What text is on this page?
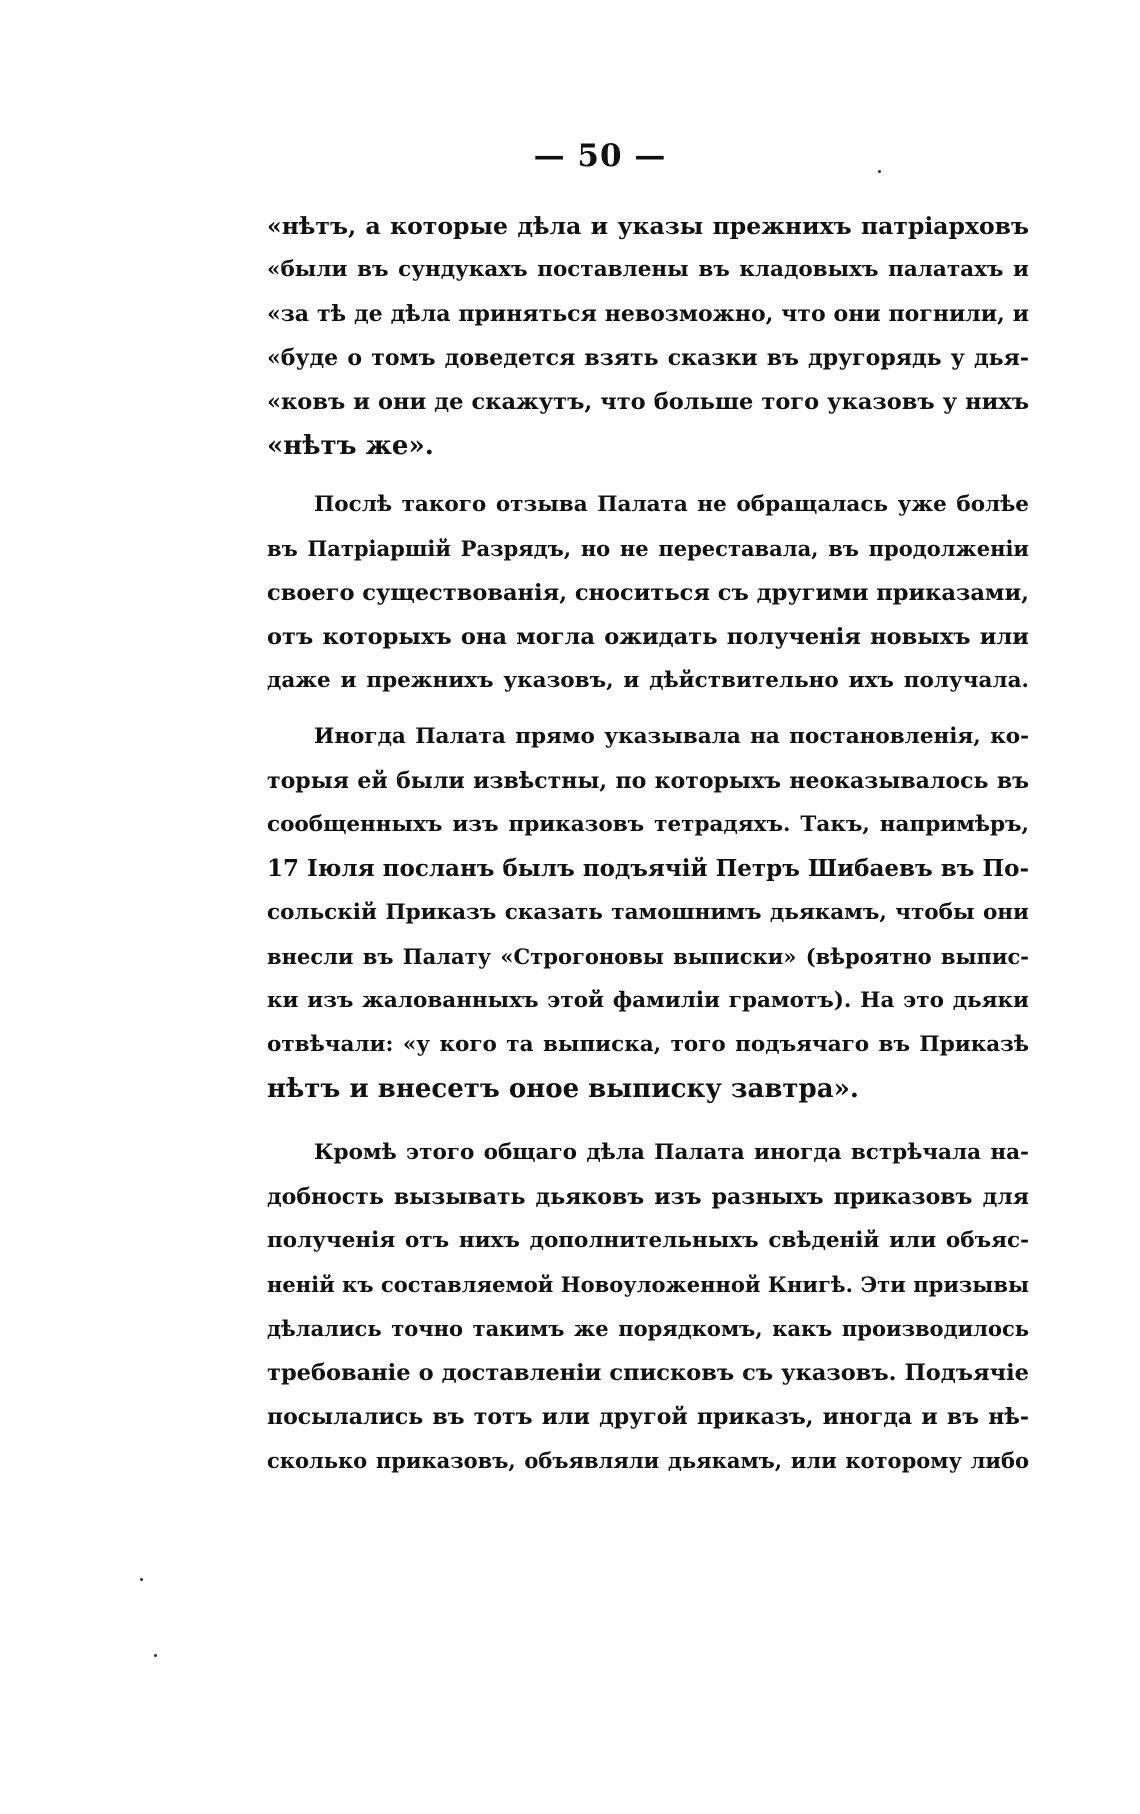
— 50 —
«нѣтъ, а которые дѣла и указы прежнихъ патріарховъ
«были въ сундукахъ поставлены въ кладовыхъ палатахъ и
«за тѣ де дѣла приняться невозможно, что они погнили, и
«буде о томъ доведется взять сказки въ другорядь у дья-
«ковъ и они де скажутъ, что больше того указовъ у нихъ
«нѣтъ же».
Послѣ такого отзыва Палата не обращалась уже болѣе
въ Патріаршій Разрядъ, но не переставала, въ продолженіи
своего существованія, сноситься съ другими приказами,
отъ которыхъ она могла ожидать полученія новыхъ или
даже и прежнихъ указовъ, и дѣйствительно ихъ получала.
Иногда Палата прямо указывала на постановленія, ко-
торыя ей были извѣстны, по которыхъ неоказывалось въ
сообщенныхъ изъ приказовъ тетрадяхъ. Такъ, напримѣръ,
17 Іюля посланъ былъ подъячій Петръ Шибаевъ въ По-
сольскій Приказъ сказать тамошнимъ дьякамъ, чтобы они
внесли въ Палату «Строгоновы выписки» (вѣроятно выпис-
ки изъ жалованныхъ этой фамиліи грамотъ). На это дьяки
отвѣчали: «у кого та выписка, того подъячаго въ Приказѣ
нѣтъ и внесетъ оное выписку завтра».
Кромѣ этого общаго дѣла Палата иногда встрѣчала на-
добность вызывать дьяковъ изъ разныхъ приказовъ для
полученія отъ нихъ дополнительныхъ свѣденій или объяс-
неній къ составляемой Новоуложенной Книгѣ. Эти призывы
дѣлались точно такимъ же порядкомъ, какъ производилось
требованіе о доставленіи списковъ съ указовъ. Подъячіе
посылались въ тотъ или другой приказъ, иногда и въ нѣ-
сколько приказовъ, объявляли дьякамъ, или которому либо
